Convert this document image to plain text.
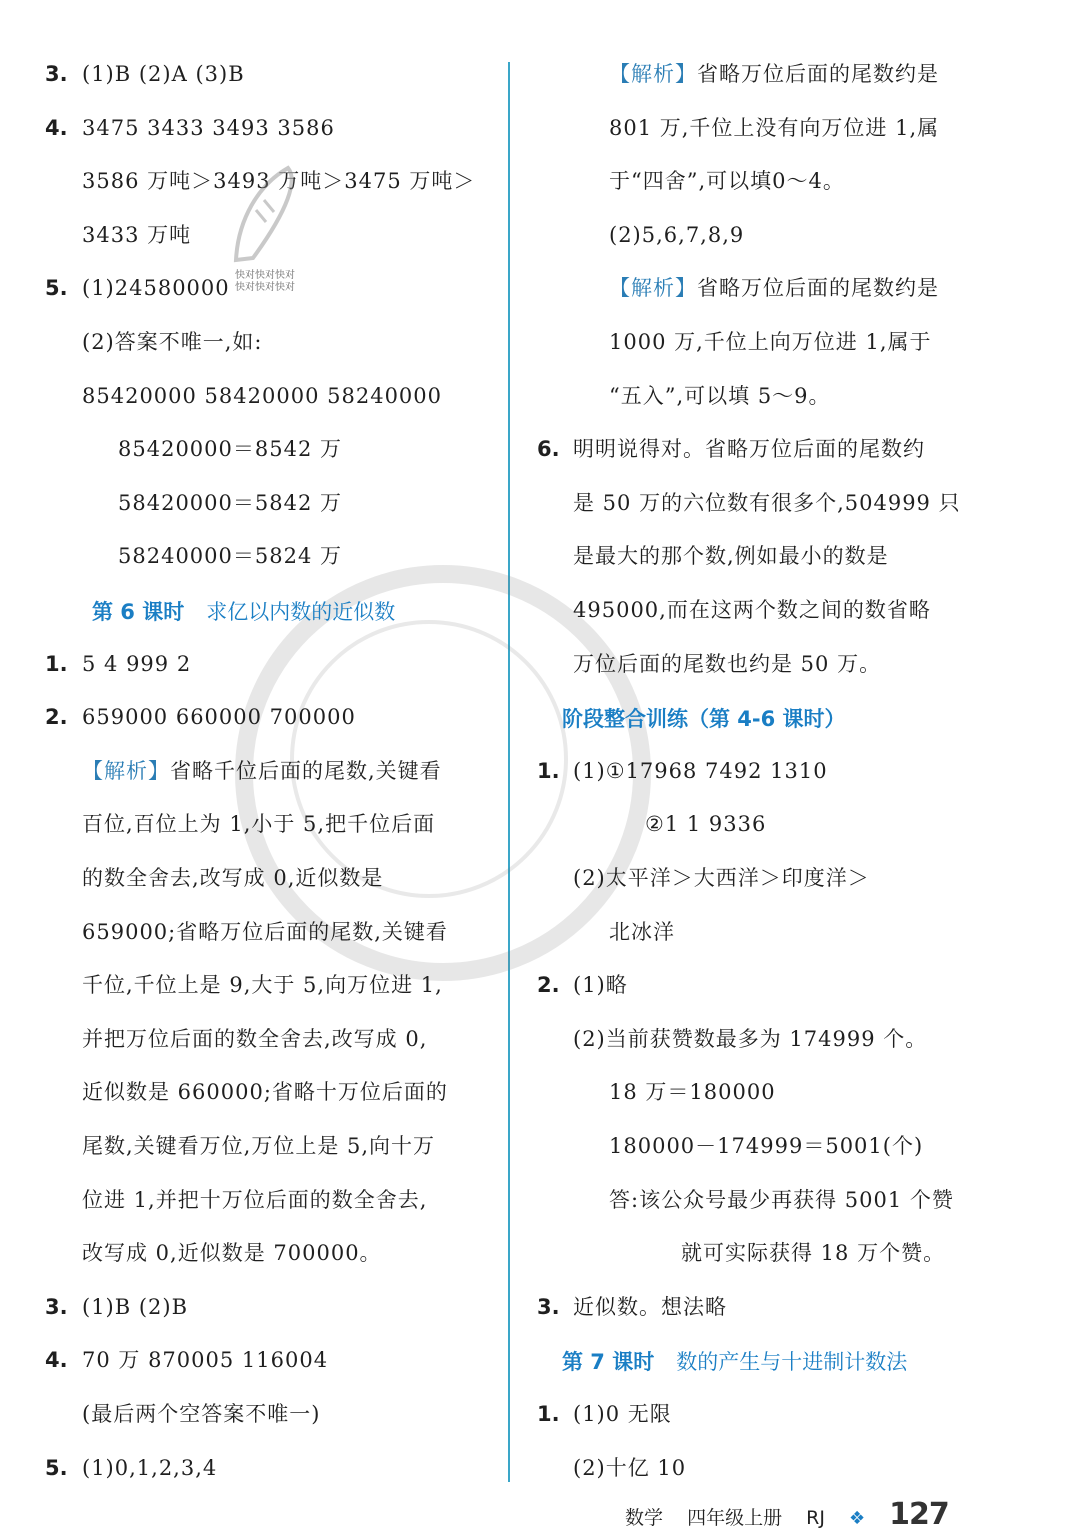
3. (1)B (2)A (3)B
4. 3475 3433 3493 3586
3586 万吨＞3493 万吨＞3475 万吨＞
3433 万吨
5. (1)24580000
(2)答案不唯一,如:
85420000 58420000 58240000
85420000＝8542 万
58420000＝5842 万
58240000＝5824 万
第 6 课时 求亿以内数的近似数
1. 5 4 999 2
2. 659000 660000 700000
【解析】省略千位后面的尾数,关键看
百位,百位上为 1,小于 5,把千位后面
的数全舍去,改写成 0,近似数是
659000;省略万位后面的尾数,关键看
千位,千位上是 9,大于 5,向万位进 1,
并把万位后面的数全舍去,改写成 0,
近似数是 660000;省略十万位后面的
尾数,关键看万位,万位上是 5,向十万
位进 1,并把十万位后面的数全舍去,
改写成 0,近似数是 700000。
3. (1)B (2)B
4. 70 万 870005 116004
(最后两个空答案不唯一)
5. (1)0,1,2,3,4
【解析】省略万位后面的尾数约是
801 万,千位上没有向万位进 1,属
于“四舍”,可以填0～4。
(2)5,6,7,8,9
【解析】省略万位后面的尾数约是
1000 万,千位上向万位进 1,属于
“五入”,可以填 5～9。
6. 明明说得对。省略万位后面的尾数约
是 50 万的六位数有很多个,504999 只
是最大的那个数,例如最小的数是
495000,而在这两个数之间的数省略
万位后面的尾数也约是 50 万。
阶段整合训练（第 4-6 课时）
1. (1)①17968 7492 1310
②1 1 9336
(2)太平洋＞大西洋＞印度洋＞
北冰洋
2. (1)略
(2)当前获赞数最多为 174999 个。
18 万＝180000
180000－174999＝5001(个)
答:该公众号最少再获得 5001 个赞
就可实际获得 18 万个赞。
3. 近似数。想法略
第 7 课时 数的产生与十进制计数法
1. (1)0 无限
(2)十亿 10
快对快对快对
快对快对快对
数学 四年级上册 RJ ❖ 127
